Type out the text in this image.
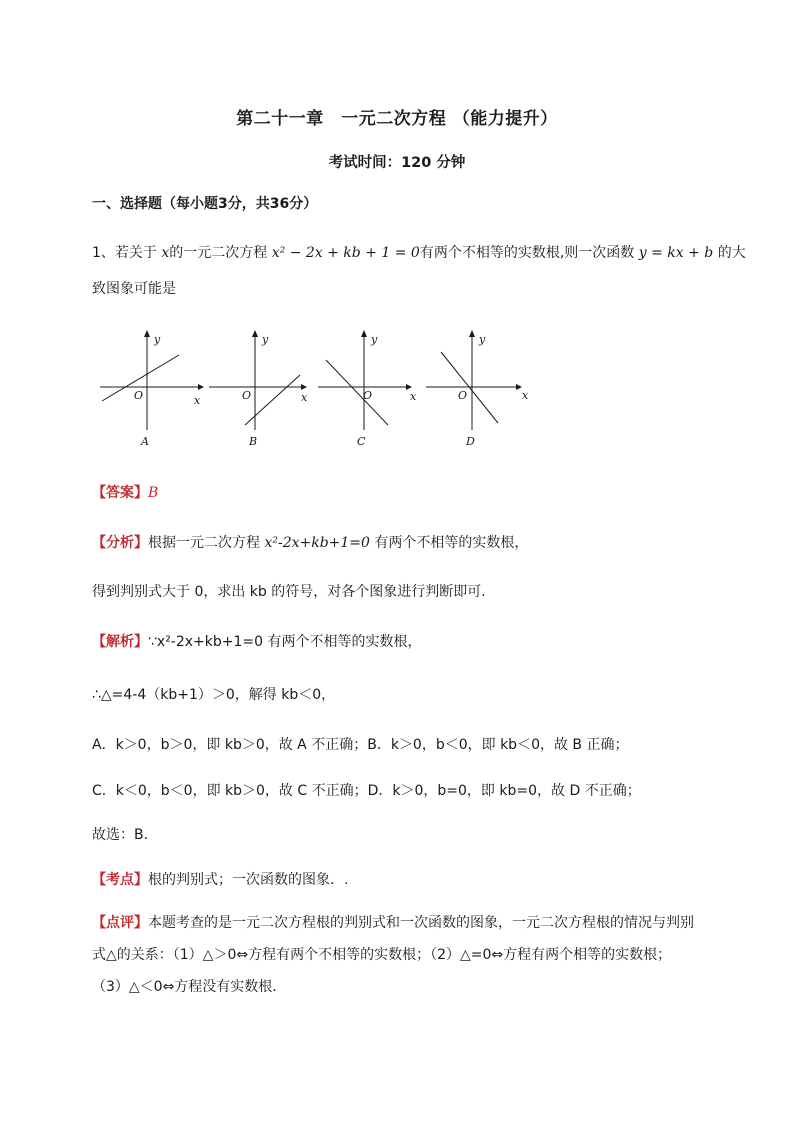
第二十一章　一元二次方程 （能力提升）
考试时间：120 分钟
一、选择题（每小题3分，共36分）
1、若关于 x的一元二次方程 x² − 2x + kb + 1 = 0有两个不相等的实数根,则一次函数 y = kx + b 的大
致图象可能是
y
x
O
A
y
x
O
B
y
x
O
C
y
x
O
D
【答案】B
【分析】根据一元二次方程 x²-2x+kb+1=0 有两个不相等的实数根，
得到判别式大于 0，求出 kb 的符号，对各个图象进行判断即可．
【解析】∵x²-2x+kb+1=0 有两个不相等的实数根，
∴△=4-4（kb+1）＞0，解得 kb＜0，
A．k＞0，b＞0，即 kb＞0，故 A 不正确；B．k＞0，b＜0，即 kb＜0，故 B 正确；
C．k＜0，b＜0，即 kb＞0，故 C 不正确；D．k＞0，b=0，即 kb=0，故 D 不正确；
故选：B．
【考点】根的判别式；一次函数的图象．.
【点评】本题考查的是一元二次方程根的判别式和一次函数的图象，一元二次方程根的情况与判别
式△的关系：（1）△＞0⇔方程有两个不相等的实数根；（2）△=0⇔方程有两个相等的实数根；
（3）△＜0⇔方程没有实数根．
